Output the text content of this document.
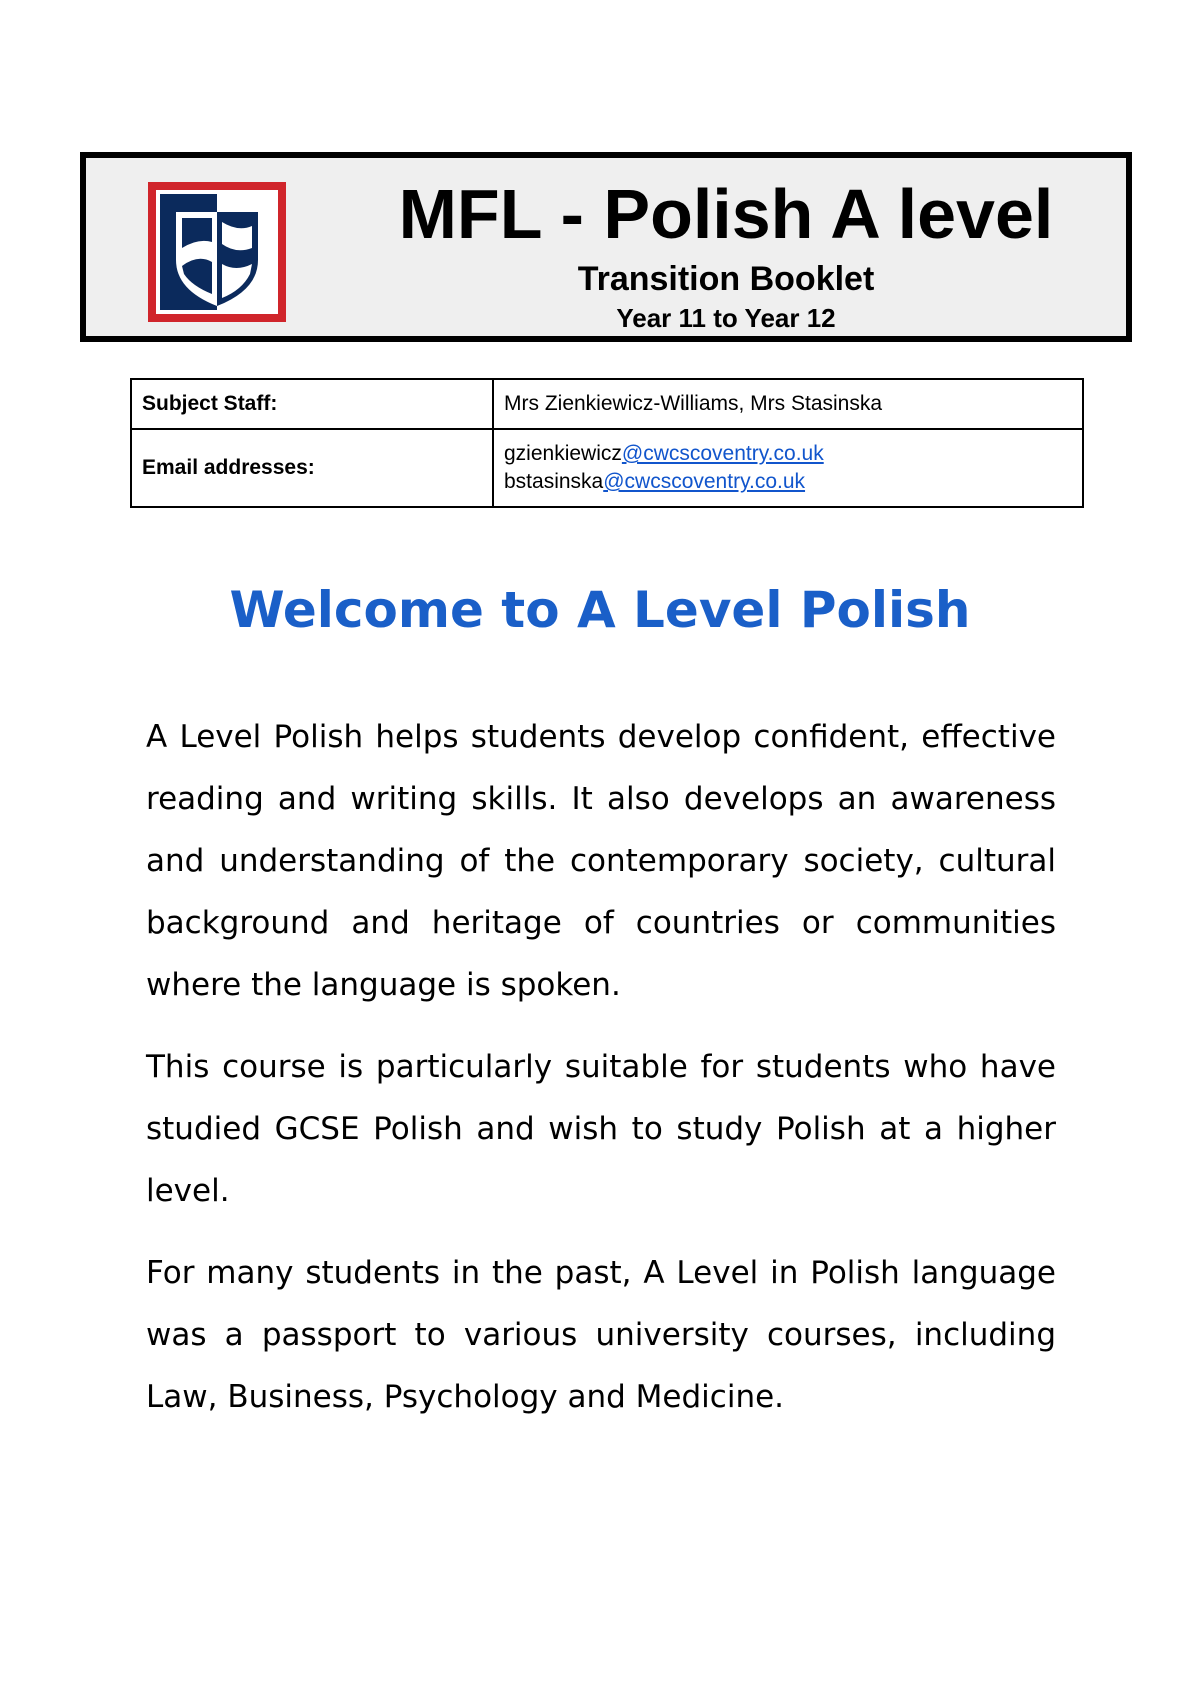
MFL - Polish A level
Transition Booklet
Year 11 to Year 12
Subject Staff:	Mrs Zienkiewicz-Williams, Mrs Stasinska
Email addresses:	gzienkiewicz@cwcscoventry.co.uk
bstasinska@cwcscoventry.co.uk
Welcome to A Level Polish

A Level Polish helps students develop confident, effective reading and writing skills. It also develops an awareness and understanding of the contemporary society, cultural background and heritage of countries or communities where the language is spoken.

This course is particularly suitable for students who have studied GCSE Polish and wish to study Polish at a higher level.

For many students in the past, A Level in Polish language was a passport to various university courses, including Law, Business, Psychology and Medicine.
